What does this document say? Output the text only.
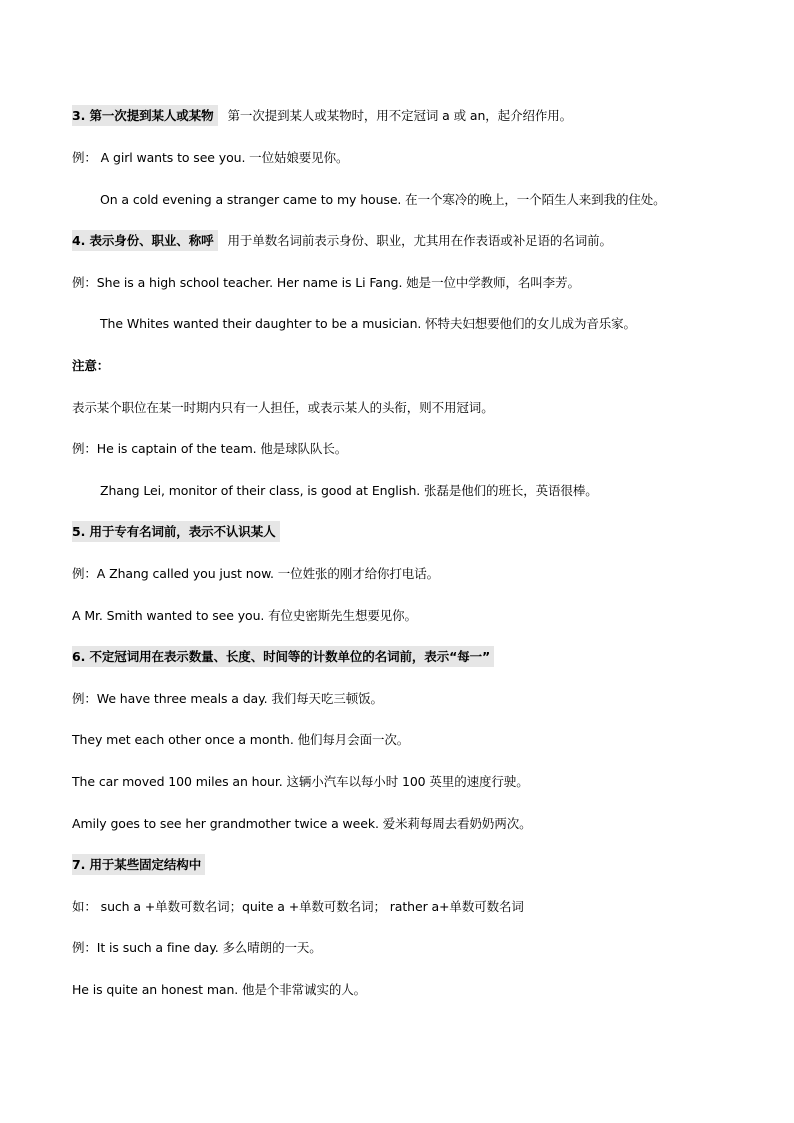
3. 第一次提到某人或某物 第一次提到某人或某物时，用不定冠词 a 或 an，起介绍作用。
例： A girl wants to see you. 一位姑娘要见你。
On a cold evening a stranger came to my house. 在一个寒冷的晚上，一个陌生人来到我的住处。
4. 表示身份、职业、称呼 用于单数名词前表示身份、职业，尤其用在作表语或补足语的名词前。
例：She is a high school teacher. Her name is Li Fang. 她是一位中学教师，名叫李芳。
The Whites wanted their daughter to be a musician. 怀特夫妇想要他们的女儿成为音乐家。
注意：
表示某个职位在某一时期内只有一人担任，或表示某人的头衔，则不用冠词。
例：He is captain of the team. 他是球队队长。
Zhang Lei, monitor of their class, is good at English. 张磊是他们的班长，英语很棒。
5. 用于专有名词前，表示不认识某人
例：A Zhang called you just now. 一位姓张的刚才给你打电话。
A Mr. Smith wanted to see you. 有位史密斯先生想要见你。
6. 不定冠词用在表示数量、长度、时间等的计数单位的名词前，表示“每一”
例：We have three meals a day. 我们每天吃三顿饭。
They met each other once a month. 他们每月会面一次。
The car moved 100 miles an hour. 这辆小汽车以每小时 100 英里的速度行驶。
Amily goes to see her grandmother twice a week. 爱米莉每周去看奶奶两次。
7. 用于某些固定结构中
如： such a +单数可数名词；quite a +单数可数名词； rather a+单数可数名词
例：It is such a fine day. 多么晴朗的一天。
He is quite an honest man. 他是个非常诚实的人。
